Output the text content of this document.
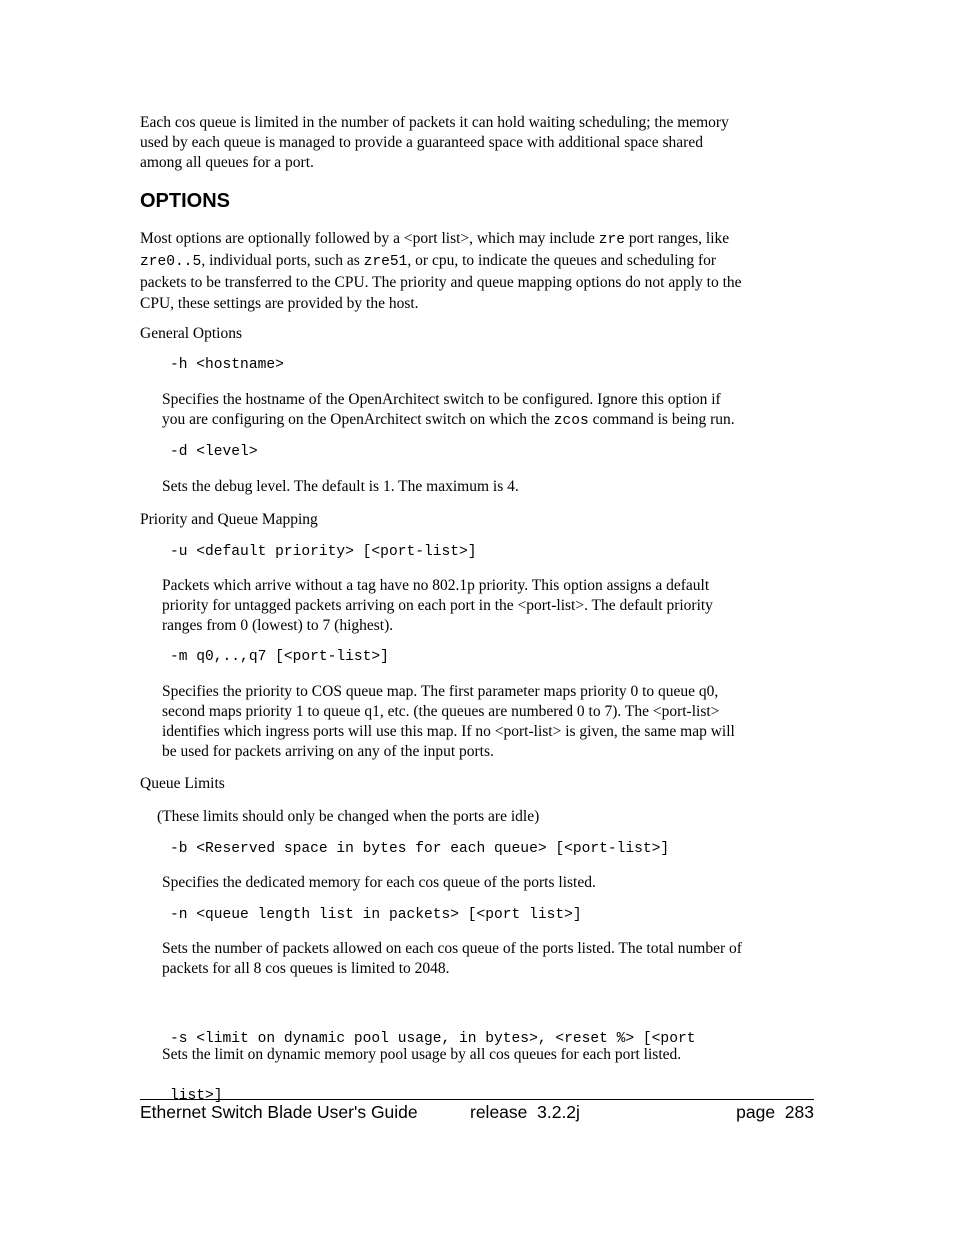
Each cos queue is limited in the number of packets it can hold waiting scheduling; the memory
used by each queue is managed to provide a guaranteed space with additional space shared
among all queues for a port.
OPTIONS
Most options are optionally followed by a <port list>, which may include zre port ranges, like
zre0..5, individual ports, such as zre51, or cpu, to indicate the queues and scheduling for
packets to be transferred to the CPU. The priority and queue mapping options do not apply to the
CPU, these settings are provided by the host.
General Options
-h <hostname>
Specifies the hostname of the OpenArchitect switch to be configured. Ignore this option if
you are configuring on the OpenArchitect switch on which the zcos command is being run.
-d <level>
Sets the debug level. The default is 1. The maximum is 4.
Priority and Queue Mapping
-u <default priority> [<port-list>]
Packets which arrive without a tag have no 802.1p priority. This option assigns a default
priority for untagged packets arriving on each port in the <port-list>. The default priority
ranges from 0 (lowest) to 7 (highest).
-m q0,..,q7 [<port-list>]
Specifies the priority to COS queue map. The first parameter maps priority 0 to queue q0,
second maps priority 1 to queue q1, etc. (the queues are numbered 0 to 7). The <port-list>
identifies which ingress ports will use this map. If no <port-list> is given, the same map will
be used for packets arriving on any of the input ports.
Queue Limits
(These limits should only be changed when the ports are idle)
-b <Reserved space in bytes for each queue> [<port-list>]
Specifies the dedicated memory for each cos queue of the ports listed.
-n <queue length list in packets> [<port list>]
Sets the number of packets allowed on each cos queue of the ports listed. The total number of
packets for all 8 cos queues is limited to 2048.

-s <limit on dynamic pool usage, in bytes>, <reset %> [<port

list>]

Sets the limit on dynamic memory pool usage by all cos queues for each port listed.
Ethernet Switch Blade User's Guide	release  3.2.2j	page  283
